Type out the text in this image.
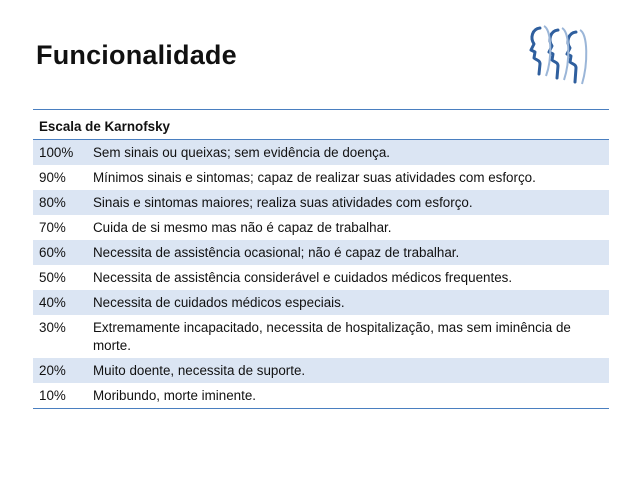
Funcionalidade
Escala de Karnofsky	
100%	Sem sinais ou queixas; sem evidência de doença.
90%	Mínimos sinais e sintomas; capaz de realizar suas atividades com esforço.
80%	Sinais e sintomas maiores; realiza suas atividades com esforço.
70%	Cuida de si mesmo mas não é capaz de trabalhar.
60%	Necessita de assistência ocasional; não é capaz de trabalhar.
50%	Necessita de assistência considerável e cuidados médicos frequentes.
40%	Necessita de cuidados médicos especiais.
30%	Extremamente incapacitado, necessita de hospitalização, mas sem iminência de morte.
20%	Muito doente, necessita de suporte.
10%	Moribundo, morte iminente.
